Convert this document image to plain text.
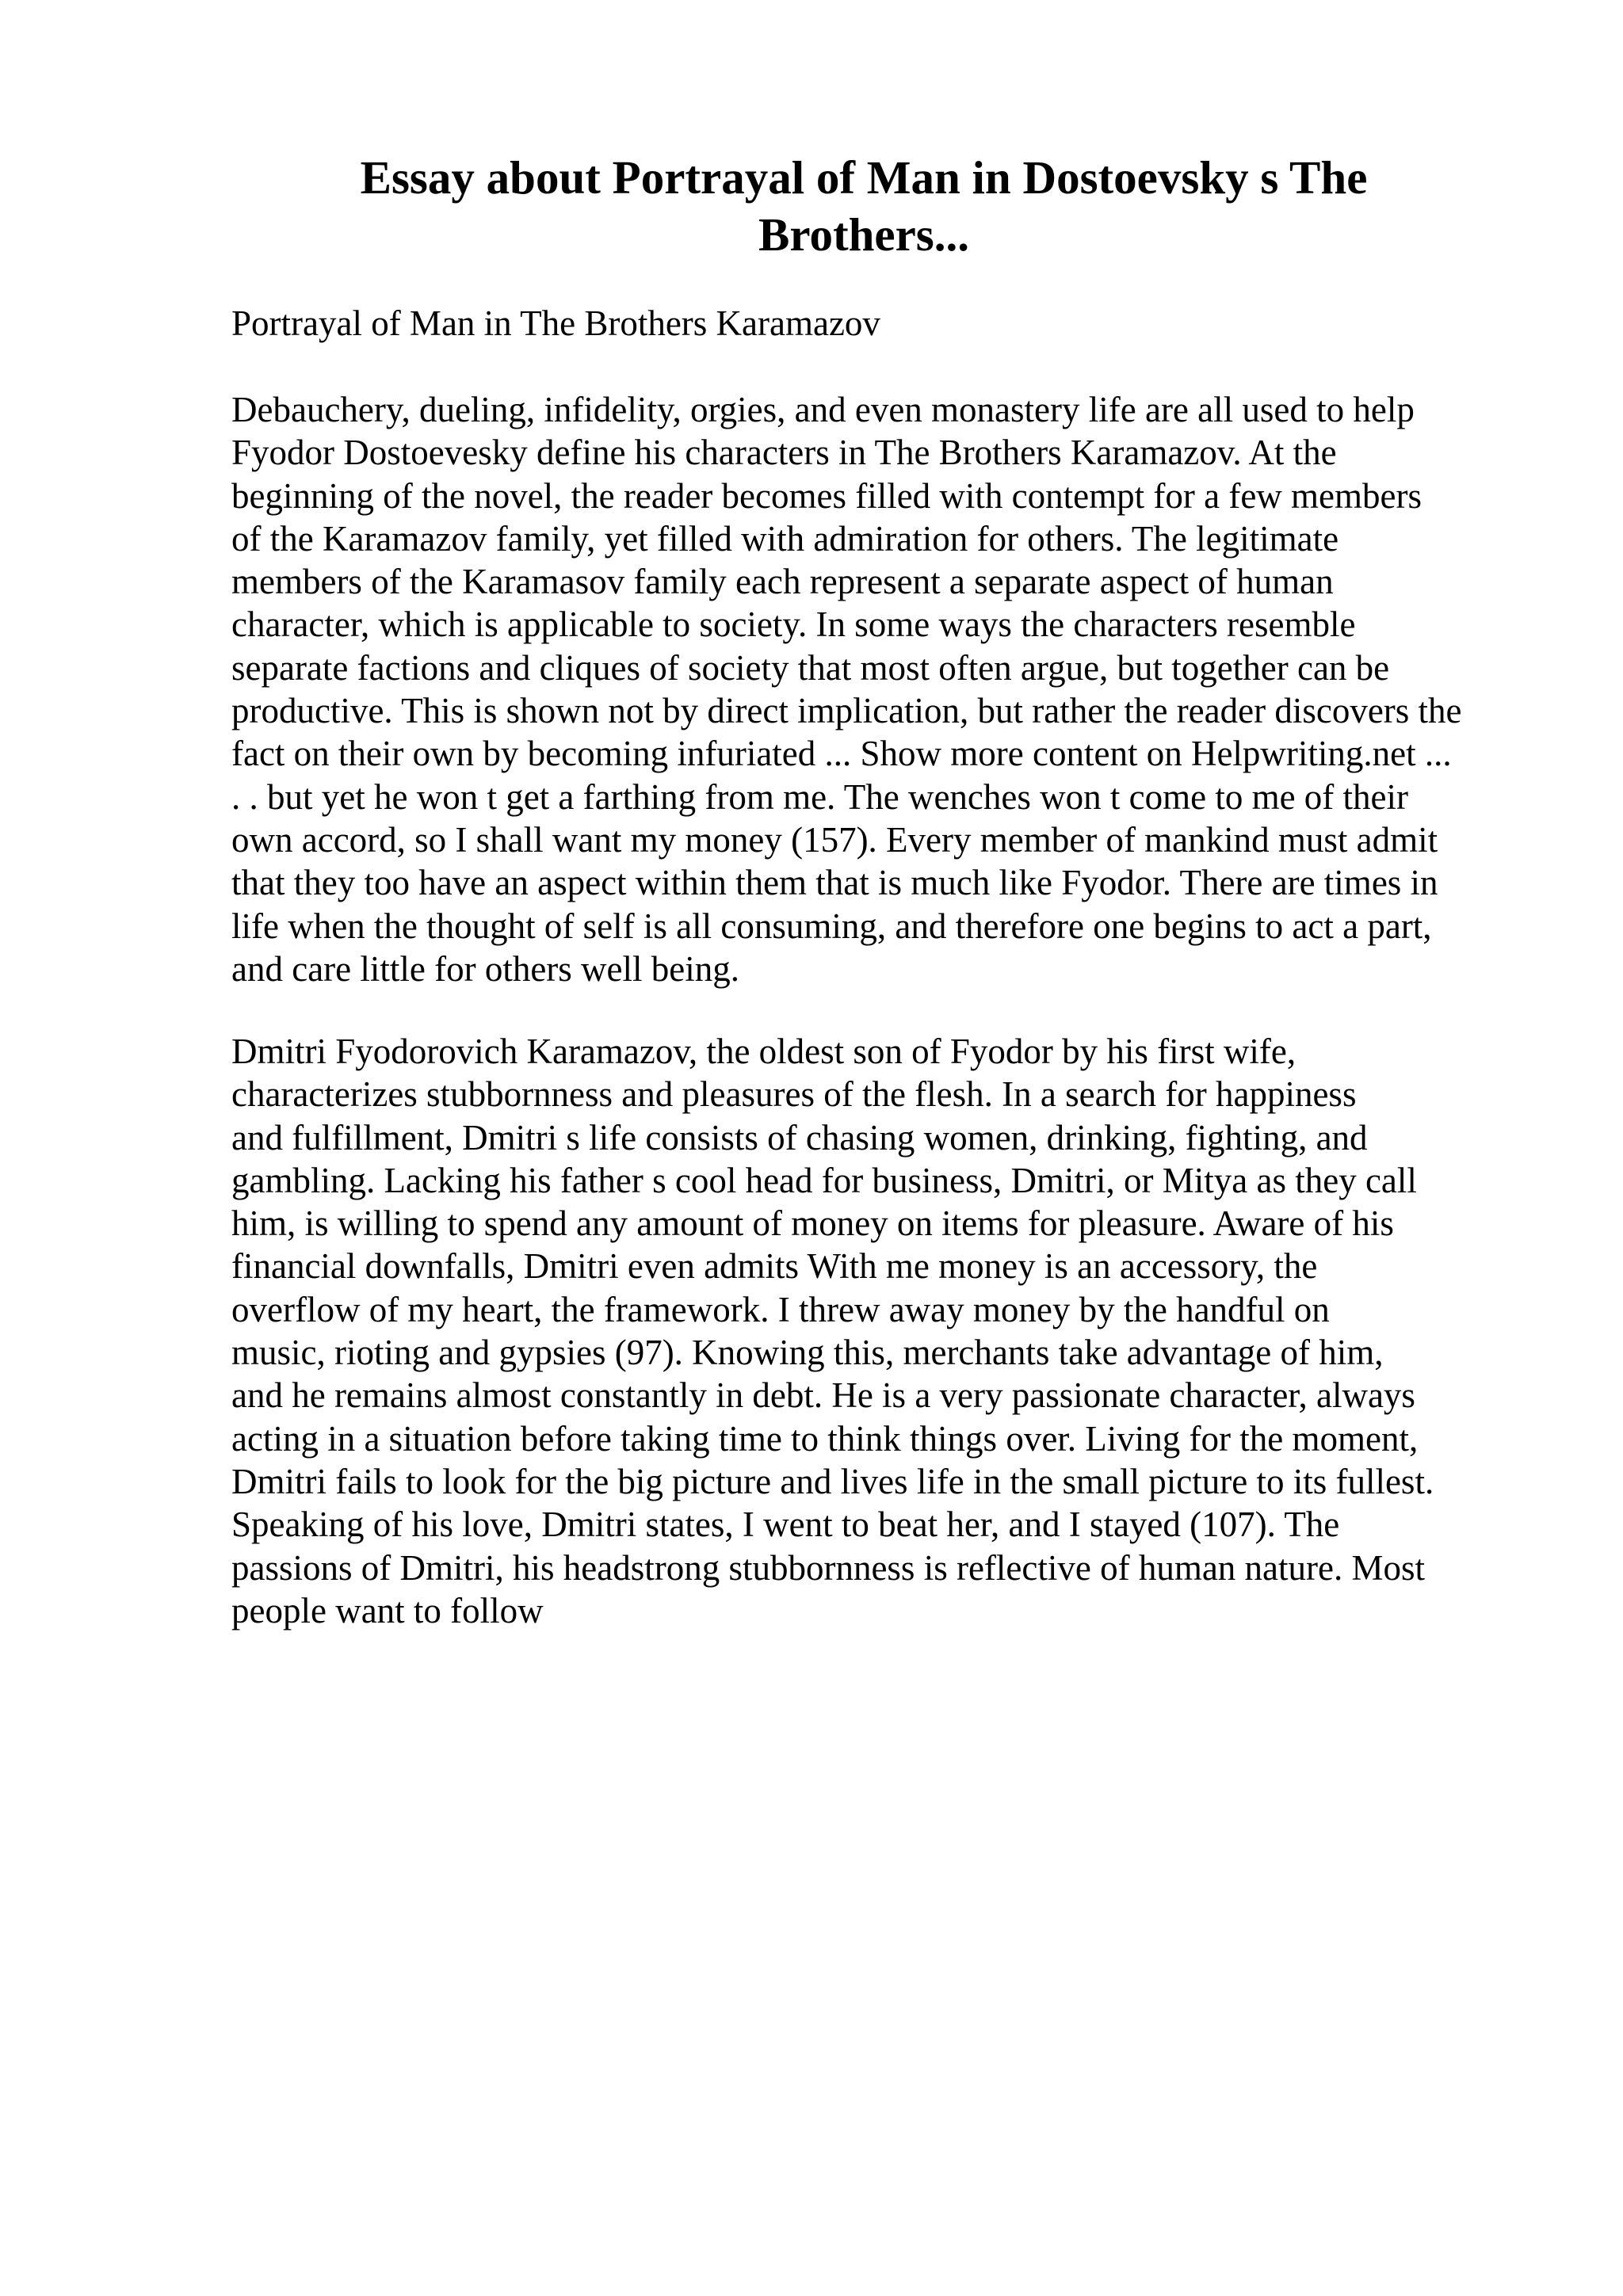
Essay about Portrayal of Man in Dostoevsky s The
Brothers...

Portrayal of Man in The Brothers Karamazov

Debauchery, dueling, infidelity, orgies, and even monastery life are all used to help
Fyodor Dostoevesky define his characters in The Brothers Karamazov. At the
beginning of the novel, the reader becomes filled with contempt for a few members
of the Karamazov family, yet filled with admiration for others. The legitimate
members of the Karamasov family each represent a separate aspect of human
character, which is applicable to society. In some ways the characters resemble
separate factions and cliques of society that most often argue, but together can be
productive. This is shown not by direct implication, but rather the reader discovers the
fact on their own by becoming infuriated ... Show more content on Helpwriting.net ...
. . but yet he won t get a farthing from me. The wenches won t come to me of their
own accord, so I shall want my money (157). Every member of mankind must admit
that they too have an aspect within them that is much like Fyodor. There are times in
life when the thought of self is all consuming, and therefore one begins to act a part,
and care little for others well being.
Dmitri Fyodorovich Karamazov, the oldest son of Fyodor by his first wife,
characterizes stubbornness and pleasures of the flesh. In a search for happiness
and fulfillment, Dmitri s life consists of chasing women, drinking, fighting, and
gambling. Lacking his father s cool head for business, Dmitri, or Mitya as they call
him, is willing to spend any amount of money on items for pleasure. Aware of his
financial downfalls, Dmitri even admits With me money is an accessory, the
overflow of my heart, the framework. I threw away money by the handful on
music, rioting and gypsies (97). Knowing this, merchants take advantage of him,
and he remains almost constantly in debt. He is a very passionate character, always
acting in a situation before taking time to think things over. Living for the moment,
Dmitri fails to look for the big picture and lives life in the small picture to its fullest.
Speaking of his love, Dmitri states, I went to beat her, and I stayed (107). The
passions of Dmitri, his headstrong stubbornness is reflective of human nature. Most
people want to follow
